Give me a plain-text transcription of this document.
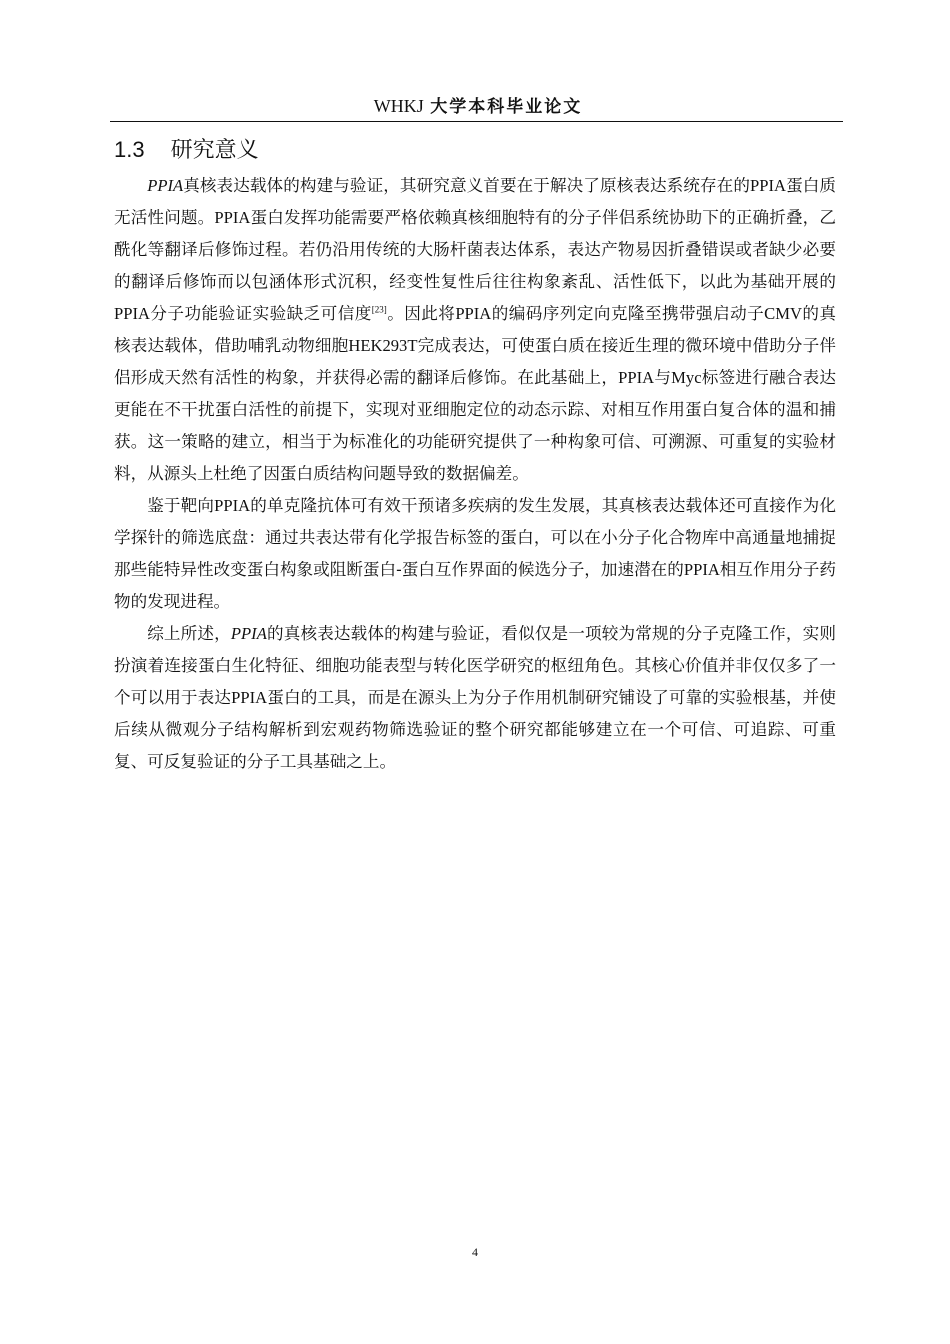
WHKJ 大学本科毕业论文
1.3 研究意义

PPIA真核表达载体的构建与验证，其研究意义首要在于解决了原核表达系统存在的PPIA蛋白质无活性问题。PPIA蛋白发挥功能需要严格依赖真核细胞特有的分子伴侣系统协助下的正确折叠，乙酰化等翻译后修饰过程。若仍沿用传统的大肠杆菌表达体系，表达产物易因折叠错误或者缺少必要的翻译后修饰而以包涵体形式沉积，经变性复性后往往构象紊乱、活性低下，以此为基础开展的PPIA分子功能验证实验缺乏可信度[23]。因此将PPIA的编码序列定向克隆至携带强启动子CMV的真核表达载体，借助哺乳动物细胞HEK293T完成表达，可使蛋白质在接近生理的微环境中借助分子伴侣形成天然有活性的构象，并获得必需的翻译后修饰。在此基础上，PPIA与Myc标签进行融合表达更能在不干扰蛋白活性的前提下，实现对亚细胞定位的动态示踪、对相互作用蛋白复合体的温和捕获。这一策略的建立，相当于为标准化的功能研究提供了一种构象可信、可溯源、可重复的实验材料，从源头上杜绝了因蛋白质结构问题导致的数据偏差。

鉴于靶向PPIA的单克隆抗体可有效干预诸多疾病的发生发展，其真核表达载体还可直接作为化学探针的筛选底盘：通过共表达带有化学报告标签的蛋白，可以在小分子化合物库中高通量地捕捉那些能特异性改变蛋白构象或阻断蛋白-蛋白互作界面的候选分子，加速潜在的PPIA相互作用分子药物的发现进程。

综上所述，PPIA的真核表达载体的构建与验证，看似仅是一项较为常规的分子克隆工作，实则扮演着连接蛋白生化特征、细胞功能表型与转化医学研究的枢纽角色。其核心价值并非仅仅多了一个可以用于表达PPIA蛋白的工具，而是在源头上为分子作用机制研究铺设了可靠的实验根基，并使后续从微观分子结构解析到宏观药物筛选验证的整个研究都能够建立在一个可信、可追踪、可重复、可反复验证的分子工具基础之上。

4
